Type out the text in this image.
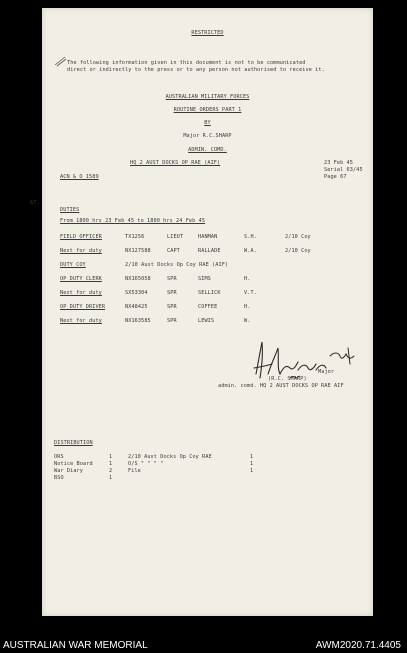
RESTRICTED
The following information given in this document is not to be communicated
direct or indirectly to the press or to any person not authorised to receive it.
AUSTRALIAN MILITARY FORCES
ROUTINE ORDERS PART 1
BY
Major R.C.SHARP
ADMIN. COMD.
HQ 2 AUST DOCKS OP RAE (AIF)	23 Feb 45
Serial 63/45
Page 67
ACN & O 1589
67.
DUTIES
From 1800 hrs 23 Feb 45 to 1800 hrs 24 Feb 45
FIELD OFFICER	TX1256	LIEUT	HANMAN	S.H.	2/10 Coy
Next for duty	NX127588	CAPT	RALLADE	W.A.	2/10 Coy
DUTY COY	2/10 Aust Docks Op Coy RAE (AIF)
OP DUTY CLERK	NX165058	SPR	SIMS	H.
Next for duty	SX53304	SPR	SELLICK	V.T.
OP DUTY DRIVER	NX48425	SPR	COFFEE	H.
Next for duty	NX163585	SPR	LEWIS	W.
Major
(R.C. SHARP)
admin. comd. HQ 2 AUST DOCKS OP RAE AIF
DISTRIBUTION
ORS	1
Notice Board	1
War Diary	2
BSO	1
2/10 Aust Docks Op Coy RAE	1
O/S " " " "	1
File	1
AUSTRALIAN WAR MEMORIAL	AWM2020.71.4405
